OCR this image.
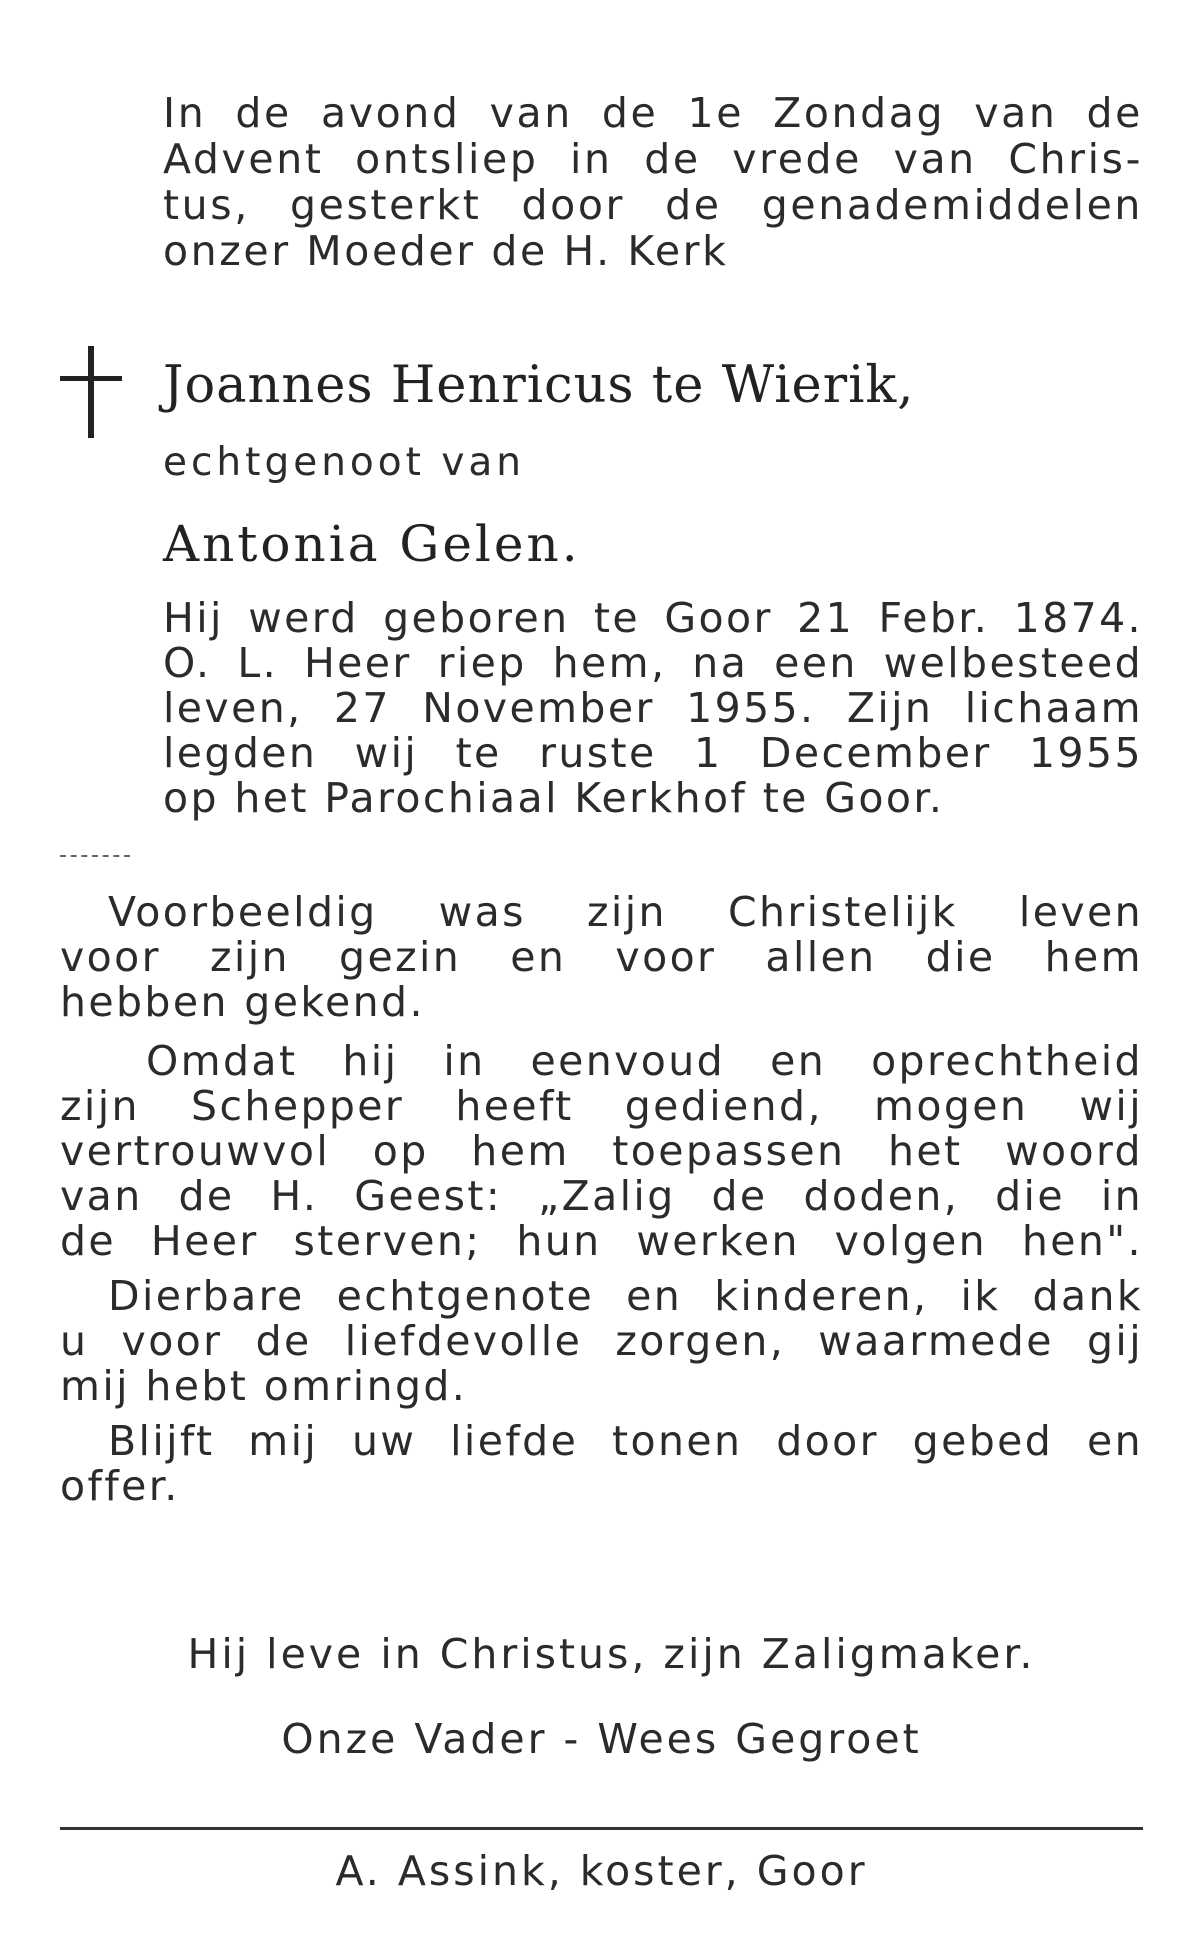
In de avond van de 1e Zondag van de
Advent ontsliep in de vrede van Chris-
tus, gesterkt door de genademiddelen
onzer Moeder de H. Kerk
Joannes Henricus te Wierik,
echtgenoot van
Antonia Gelen.
Hij werd geboren te Goor 21 Febr. 1874.
O. L. Heer riep hem, na een welbesteed
leven, 27 November 1955. Zijn lichaam
legden wij te ruste 1 December 1955
op het Parochiaal Kerkhof te Goor.
Voorbeeldig was zijn Christelijk leven
voor zijn gezin en voor allen die hem
hebben gekend.
Omdat hij in eenvoud en oprechtheid
zijn Schepper heeft gediend, mogen wij
vertrouwvol op hem toepassen het woord
van de H. Geest: „Zalig de doden, die in
de Heer sterven; hun werken volgen hen".
Dierbare echtgenote en kinderen, ik dank
u voor de liefdevolle zorgen, waarmede gij
mij hebt omringd.
Blijft mij uw liefde tonen door gebed en
offer.
Hij leve in Christus, zijn Zaligmaker.
Onze Vader - Wees Gegroet
A. Assink, koster, Goor
